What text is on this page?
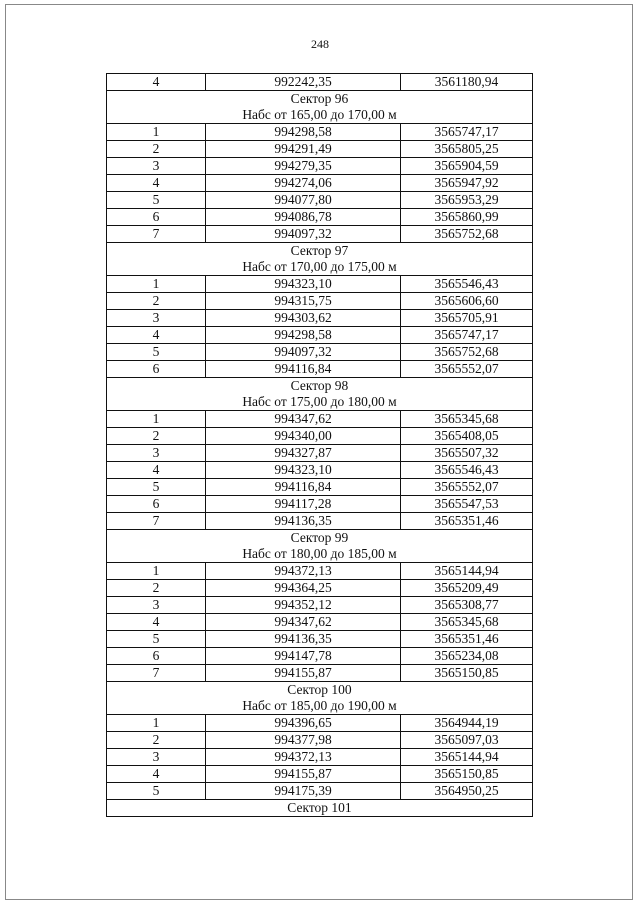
248
4	992242,35	3561180,94
Сектор 96		
Набс от 165,00 до 170,00 м		
1	994298,58	3565747,17
2	994291,49	3565805,25
3	994279,35	3565904,59
4	994274,06	3565947,92
5	994077,80	3565953,29
6	994086,78	3565860,99
7	994097,32	3565752,68
Сектор 97		
Набс от 170,00 до 175,00 м		
1	994323,10	3565546,43
2	994315,75	3565606,60
3	994303,62	3565705,91
4	994298,58	3565747,17
5	994097,32	3565752,68
6	994116,84	3565552,07
Сектор 98		
Набс от 175,00 до 180,00 м		
1	994347,62	3565345,68
2	994340,00	3565408,05
3	994327,87	3565507,32
4	994323,10	3565546,43
5	994116,84	3565552,07
6	994117,28	3565547,53
7	994136,35	3565351,46
Сектор 99		
Набс от 180,00 до 185,00 м		
1	994372,13	3565144,94
2	994364,25	3565209,49
3	994352,12	3565308,77
4	994347,62	3565345,68
5	994136,35	3565351,46
6	994147,78	3565234,08
7	994155,87	3565150,85
Сектор 100		
Набс от 185,00 до 190,00 м		
1	994396,65	3564944,19
2	994377,98	3565097,03
3	994372,13	3565144,94
4	994155,87	3565150,85
5	994175,39	3564950,25
Сектор 101		
